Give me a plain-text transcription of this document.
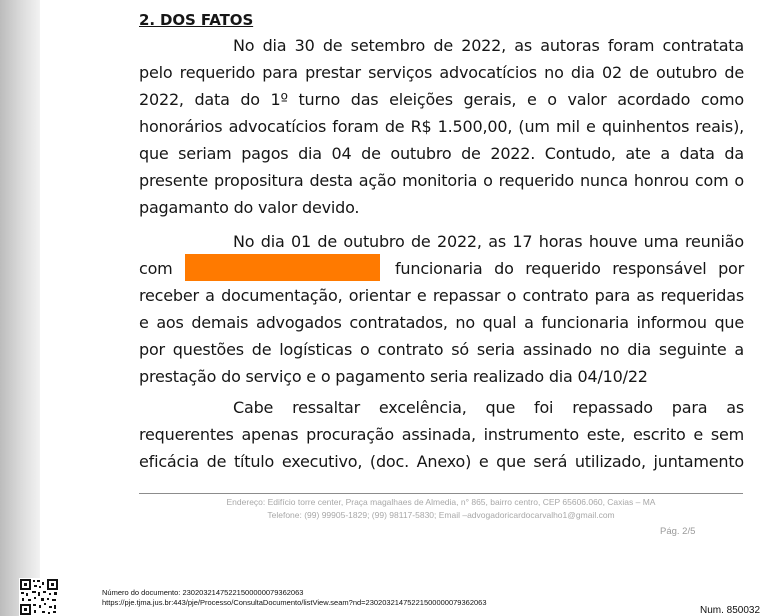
2. DOS FATOS
No dia 30 de setembro de 2022, as autoras foram contratata
pelo requerido para prestar serviços advocatícios no dia 02 de outubro de
2022, data do 1º turno das eleições gerais, e o valor acordado como
honorários advocatícios foram de R$ 1.500,00, (um mil e quinhentos reais),
que seriam pagos dia 04 de outubro de 2022. Contudo, ate a data da
presente propositura desta ação monitoria o requerido nunca honrou com o
pagamanto do valor devido.
No dia 01 de outubro de 2022, as 17 horas houve uma reunião
com	funcionaria do requerido responsável por
receber a documentação, orientar e repassar o contrato para as requeridas
e aos demais advogados contratados, no qual a funcionaria informou que
por questões de logísticas o contrato só seria assinado no dia seguinte a
prestação do serviço e o pagamento seria realizado dia 04/10/22
Cabe ressaltar excelência, que foi repassado para as
requerentes apenas procuração assinada, instrumento este, escrito e sem
eficácia de título executivo, (doc. Anexo) e que será utilizado, juntamento
Endereço: Edifício torre center, Praça magalhaes de Almedia, n° 865, bairro centro, CEP 65606.060, Caxias – MA
Telefone: (99) 99905-1829; (99) 98117-5830; Email –advogadoricardocarvalho1@gmail.com
Pág. 2/5
Número do documento: 23020321475221500000079362063
https://pje.tjma.jus.br:443/pje/Processo/ConsultaDocumento/listView.seam?nd=23020321475221500000079362063
Num. 850032
